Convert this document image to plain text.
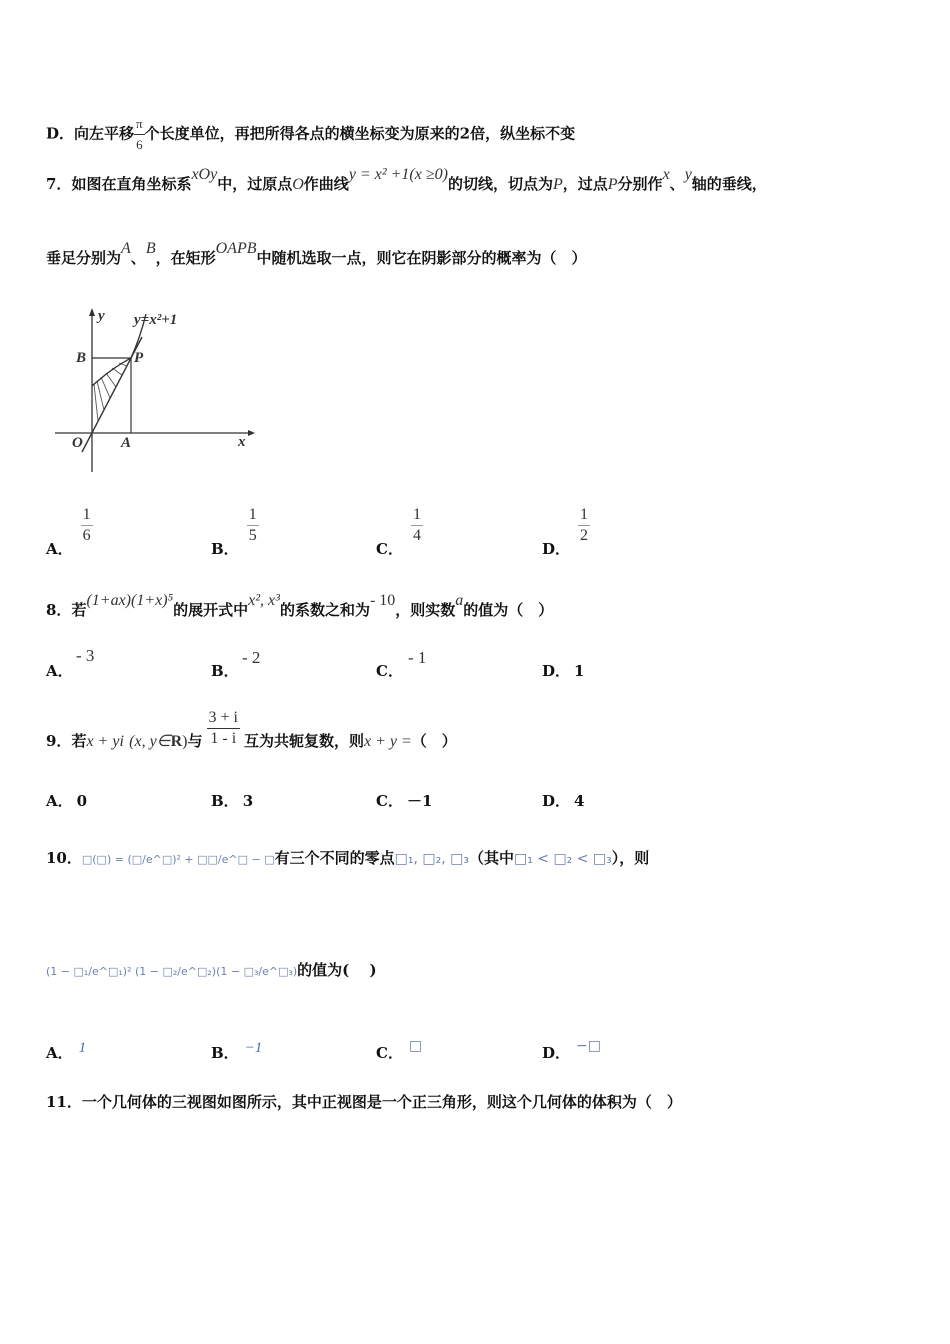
D．向左平移 $\frac{\pi}{6}$ 个长度单位，再把所得各点的横坐标变为原来的2倍，纵坐标不变
7．如图在直角坐标系xOy中，过原点O作曲线y = x² +1(x ≥0)的切线，切点为P，过点P分别作x、y轴的垂线，
垂足分别为A、B，在矩形OAPB中随机选取一点，则它在阴影部分的概率为（　）
y=x²+1
y
x
B	P
O	A
A．
$\frac{1}{6}$
B．
$\frac{1}{5}$
C．
$\frac{1}{4}$
D．
$\frac{1}{2}$
8．若(1+ax)(1+x)⁵的展开式中x², x³的系数之和为- 10，则实数a的值为（　）
A．
- 3
B．
- 2
C．
- 1
D． 1
9．若x + yi (x, y∈R)与 $\frac{3 + i}{1 - i}$ 互为共轭复数，则x + y =（　）
A． 0	B． 3	C． －1	D． 4
10．□(□) = (□/e^□)² + □□/e^□ − □有三个不同的零点□₁, □₂, □₃（其中□₁ < □₂ < □₃），则
(1 − □₁/e^□₁)² (1 − □₂/e^□₂)(1 − □₃/e^□₃)的值为(　 )
A． 1	B． −1	C． □	D． −□
11．一个几何体的三视图如图所示，其中正视图是一个正三角形，则这个几何体的体积为（　）
